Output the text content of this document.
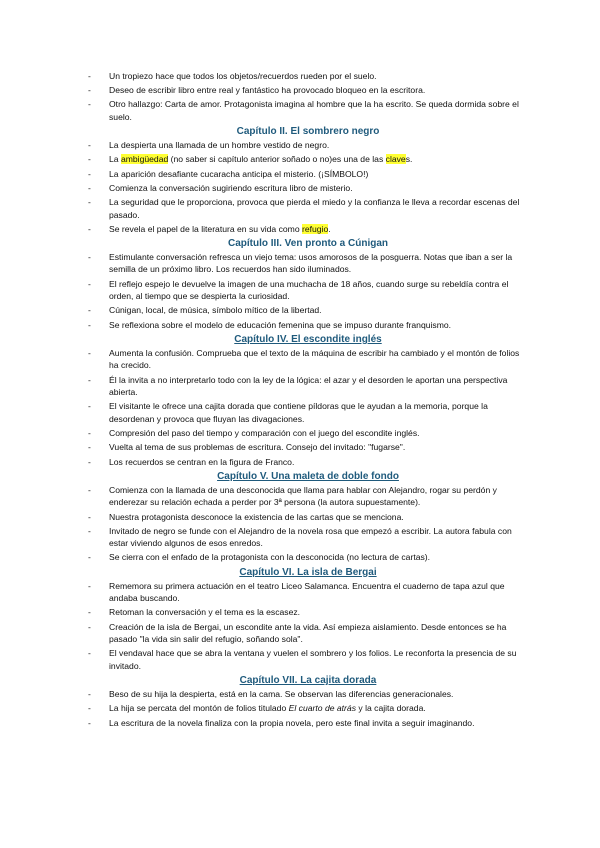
- Un tropiezo hace que todos los objetos/recuerdos rueden por el suelo.
- Deseo de escribir libro entre real y fantástico ha provocado bloqueo en la escritora.
- Otro hallazgo: Carta de amor. Protagonista imagina al hombre que la ha escrito. Se queda dormida sobre el suelo.
Capítulo II. El sombrero negro
- La despierta una llamada de un hombre vestido de negro.
- La ambigüedad (no saber si capítulo anterior soñado o no)es una de las claves.
- La aparición desafiante cucaracha anticipa el misterio. (¡SÍMBOLO!)
- Comienza la conversación sugiriendo escritura libro de misterio.
- La seguridad que le proporciona, provoca que pierda el miedo y la confianza le lleva a recordar escenas del pasado.
- Se revela el papel de la literatura en su vida como refugio.
Capítulo III. Ven pronto a Cúnigan
- Estimulante conversación refresca un viejo tema: usos amorosos de la posguerra. Notas que iban a ser la semilla de un próximo libro. Los recuerdos han sido iluminados.
- El reflejo espejo le devuelve la imagen de una muchacha de 18 años, cuando surge su rebeldía contra el orden, al tiempo que se despierta la curiosidad.
- Cúnigan, local, de música, símbolo mítico de la libertad.
- Se reflexiona sobre el modelo de educación femenina que se impuso durante franquismo.
Capítulo IV. El escondite inglés
- Aumenta la confusión. Comprueba que el texto de la máquina de escribir ha cambiado y el montón de folios ha crecido.
- Él la invita a no interpretarlo todo con la ley de la lógica: el azar y el desorden le aportan una perspectiva abierta.
- El visitante le ofrece una cajita dorada que contiene píldoras que le ayudan a la memoria, porque la desordenan y provoca que fluyan las divagaciones.
- Compresión del paso del tiempo y comparación con el juego del escondite inglés.
- Vuelta al tema de sus problemas de escritura. Consejo del invitado: "fugarse".
- Los recuerdos se centran en la figura de Franco.
Capítulo V. Una maleta de doble fondo
- Comienza con la llamada de una desconocida que llama para hablar con Alejandro, rogar su perdón y enderezar su relación echada a perder por 3ª persona (la autora supuestamente).
- Nuestra protagonista desconoce la existencia de las cartas que se menciona.
- Invitado de negro se funde con el Alejandro de la novela rosa que empezó a escribir. La autora fabula con estar viviendo algunos de esos enredos.
- Se cierra con el enfado de la protagonista con la desconocida (no lectura de cartas).
Capítulo VI. La isla de Bergai
- Rememora su primera actuación en el teatro Liceo Salamanca. Encuentra el cuaderno de tapa azul que andaba buscando.
- Retoman la conversación y el tema es la escasez.
- Creación de la isla de Bergai, un escondite ante la vida. Así empieza aislamiento. Desde entonces se ha pasado "la vida sin salir del refugio, soñando sola".
- El vendaval hace que se abra la ventana y vuelen el sombrero y los folios. Le reconforta la presencia de su invitado.
Capítulo VII. La cajita dorada
- Beso de su hija la despierta, está en la cama. Se observan las diferencias generacionales.
- La hija se percata del montón de folios titulado El cuarto de atrás y la cajita dorada.
- La escritura de la novela finaliza con la propia novela, pero este final invita a seguir imaginando.
